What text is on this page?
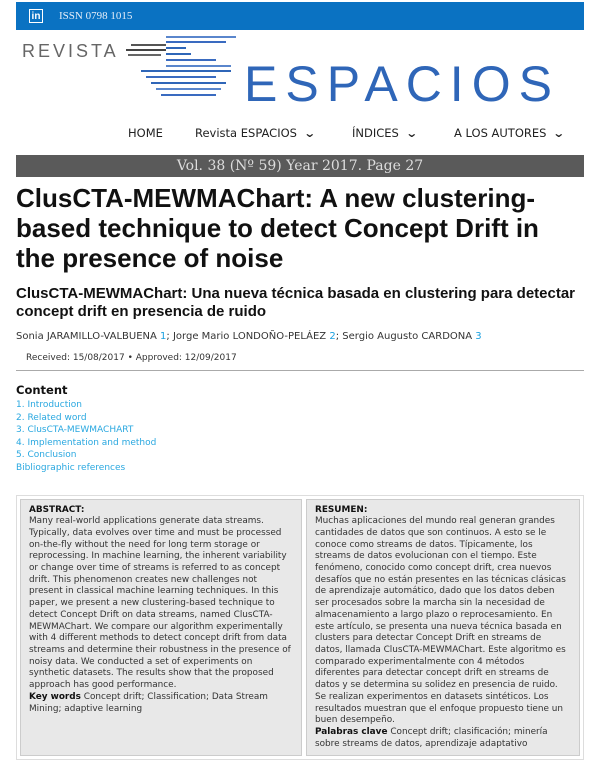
in ISSN 0798 1015
REVISTA
ESPACIOS
HOME	Revista ESPACIOS ⌄	ÍNDICES ⌄	A LOS AUTORES ⌄
Vol. 38 (Nº 59) Year 2017. Page 27
ClusCTA-MEWMAChart: A new clustering-based technique to detect Concept Drift in the presence of noise
ClusCTA-MEWMAChart: Una nueva técnica basada en clustering para detectar concept drift en presencia de ruido
Sonia JARAMILLO-VALBUENA 1; Jorge Mario LONDOÑO-PELÁEZ 2; Sergio Augusto CARDONA 3
Received: 15/08/2017 • Approved: 12/09/2017
Content
1. Introduction
2. Related word
3. ClusCTA-MEWMACHART
4. Implementation and method
5. Conclusion
Bibliographic references
ABSTRACT:
Many real-world applications generate data streams. Typically, data evolves over time and must be processed on-the-fly without the need for long term storage or reprocessing. In machine learning, the inherent variability or change over time of streams is referred to as concept drift. This phenomenon creates new challenges not present in classical machine learning techniques. In this paper, we present a new clustering-based technique to detect Concept Drift on data streams, named ClusCTA-MEWMAChart. We compare our algorithm experimentally with 4 different methods to detect concept drift from data streams and determine their robustness in the presence of noisy data. We conducted a set of experiments on synthetic datasets. The results show that the proposed approach has good performance.
Key words Concept drift; Classification; Data Stream Mining; adaptive learning
RESUMEN:
Muchas aplicaciones del mundo real generan grandes cantidades de datos que son continuos. A esto se le conoce como streams de datos. Típicamente, los streams de datos evolucionan con el tiempo. Este fenómeno, conocido como concept drift, crea nuevos desafíos que no están presentes en las técnicas clásicas de aprendizaje automático, dado que los datos deben ser procesados sobre la marcha sin la necesidad de almacenamiento a largo plazo o reprocesamiento. En este artículo, se presenta una nueva técnica basada en clusters para detectar Concept Drift en streams de datos, llamada ClusCTA-MEWMAChart. Este algoritmo es comparado experimentalmente con 4 métodos diferentes para detectar concept drift en streams de datos y se determina su solidez en presencia de ruido. Se realizan experimentos en datasets sintéticos. Los resultados muestran que el enfoque propuesto tiene un buen desempeño.
Palabras clave Concept drift; clasificación; minería sobre streams de datos, aprendizaje adaptativo
